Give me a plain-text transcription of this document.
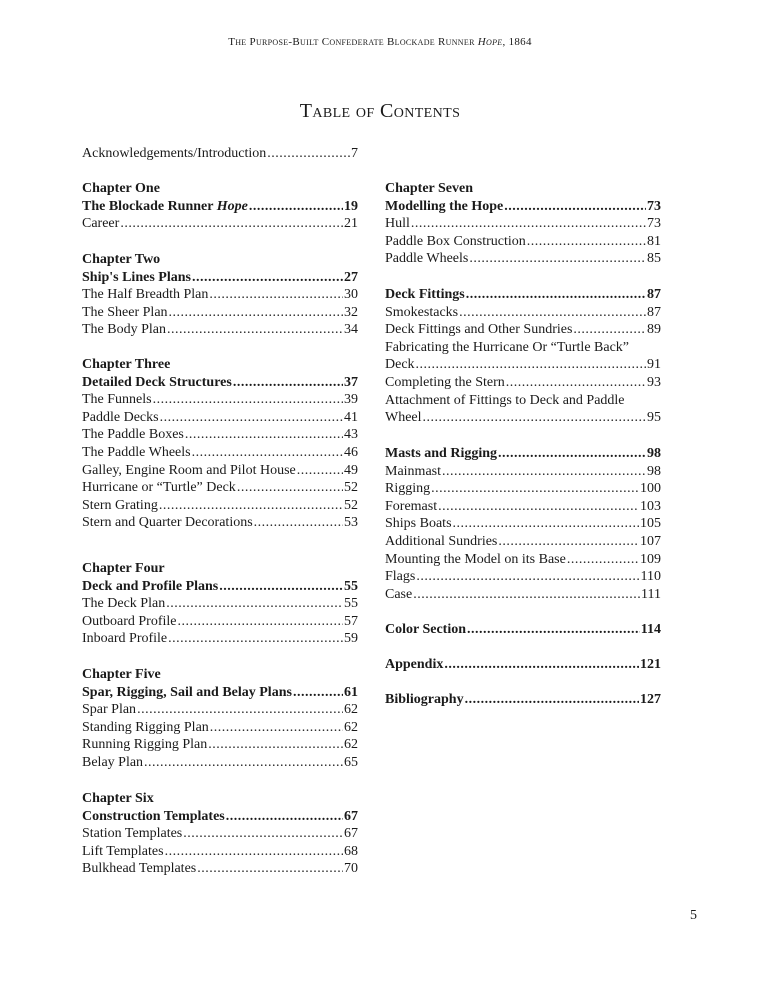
The Purpose-Built Confederate Blockade Runner Hope, 1864
Table of Contents
Acknowledgements/Introduction .....	7
Chapter One
The Blockade Runner Hope .....	19
Career .....	21
Chapter Two
Ship's Lines Plans .....	27
The Half Breadth Plan .....	30
The Sheer Plan .....	32
The Body Plan .....	34
Chapter Three
Detailed Deck Structures .....	37
The Funnels .....	39
Paddle Decks .....	41
The Paddle Boxes .....	43
The Paddle Wheels .....	46
Galley, Engine Room and Pilot House .....	49
Hurricane or “Turtle” Deck .....	52
Stern Grating .....	52
Stern and Quarter Decorations .....	53
Chapter Four
Deck and Profile Plans .....	55
The Deck Plan .....	55
Outboard Profile .....	57
Inboard Profile .....	59
Chapter Five
Spar, Rigging, Sail and Belay Plans .....	61
Spar Plan .....	62
Standing Rigging Plan .....	62
Running Rigging Plan .....	62
Belay Plan .....	65
Chapter Six
Construction Templates .....	67
Station Templates .....	67
Lift Templates .....	68
Bulkhead Templates .....	70
Chapter Seven
Modelling the Hope .....	73
Hull .....	73
Paddle Box Construction .....	81
Paddle Wheels .....	85
Deck Fittings .....	87
Smokestacks .....	87
Deck Fittings and Other Sundries .....	89
Fabricating the Hurricane Or “Turtle Back”
Deck .....	91
Completing the Stern .....	93
Attachment of Fittings to Deck and Paddle
Wheel .....	95
Masts and Rigging .....	98
Mainmast .....	98
Rigging .....	100
Foremast .....	103
Ships Boats .....	105
Additional Sundries .....	107
Mounting the Model on its Base .....	109
Flags .....	110
Case .....	111
Color Section .....	114
Appendix .....	121
Bibliography .....	127
5
